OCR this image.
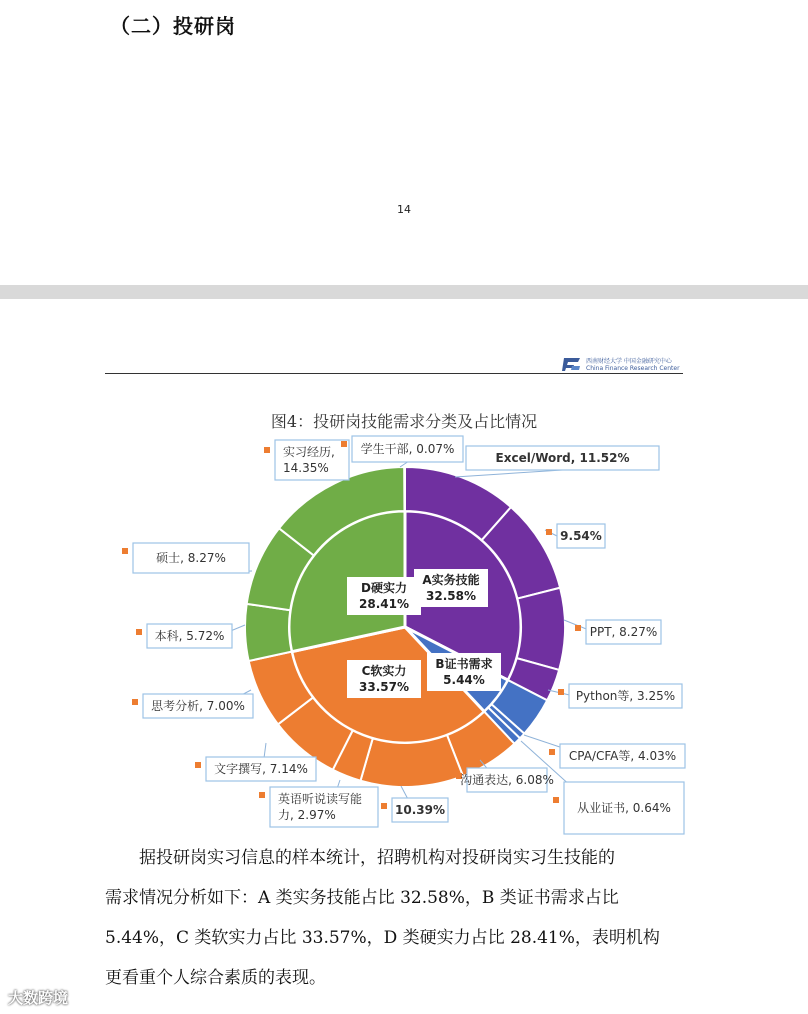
（二）投研岗
14
西南财经大学 中国金融研究中心
China Finance Research Center
图4：投研岗技能需求分类及占比情况
A实务技能
32.58%
B证书需求
5.44%
C软实力
33.57%
D硬实力
28.41%
Excel/Word, 11.52%
9.54%
PPT, 8.27%
Python等, 3.25%
CPA/CFA等, 4.03%
从业证书, 0.64%
沟通表达, 6.08%
10.39%
英语听说读写能
力, 2.97%
文字撰写, 7.14%
思考分析, 7.00%
本科, 5.72%
硕士, 8.27%
实习经历,
14.35%
学生干部, 0.07%
　　据投研岗实习信息的样本统计，招聘机构对投研岗实习生技能的
需求情况分析如下：A 类实务技能占比 32.58%，B 类证书需求占比
5.44%，C 类软实力占比 33.57%，D 类硬实力占比 28.41%，表明机构
更看重个人综合素质的表现。
大数跨境
